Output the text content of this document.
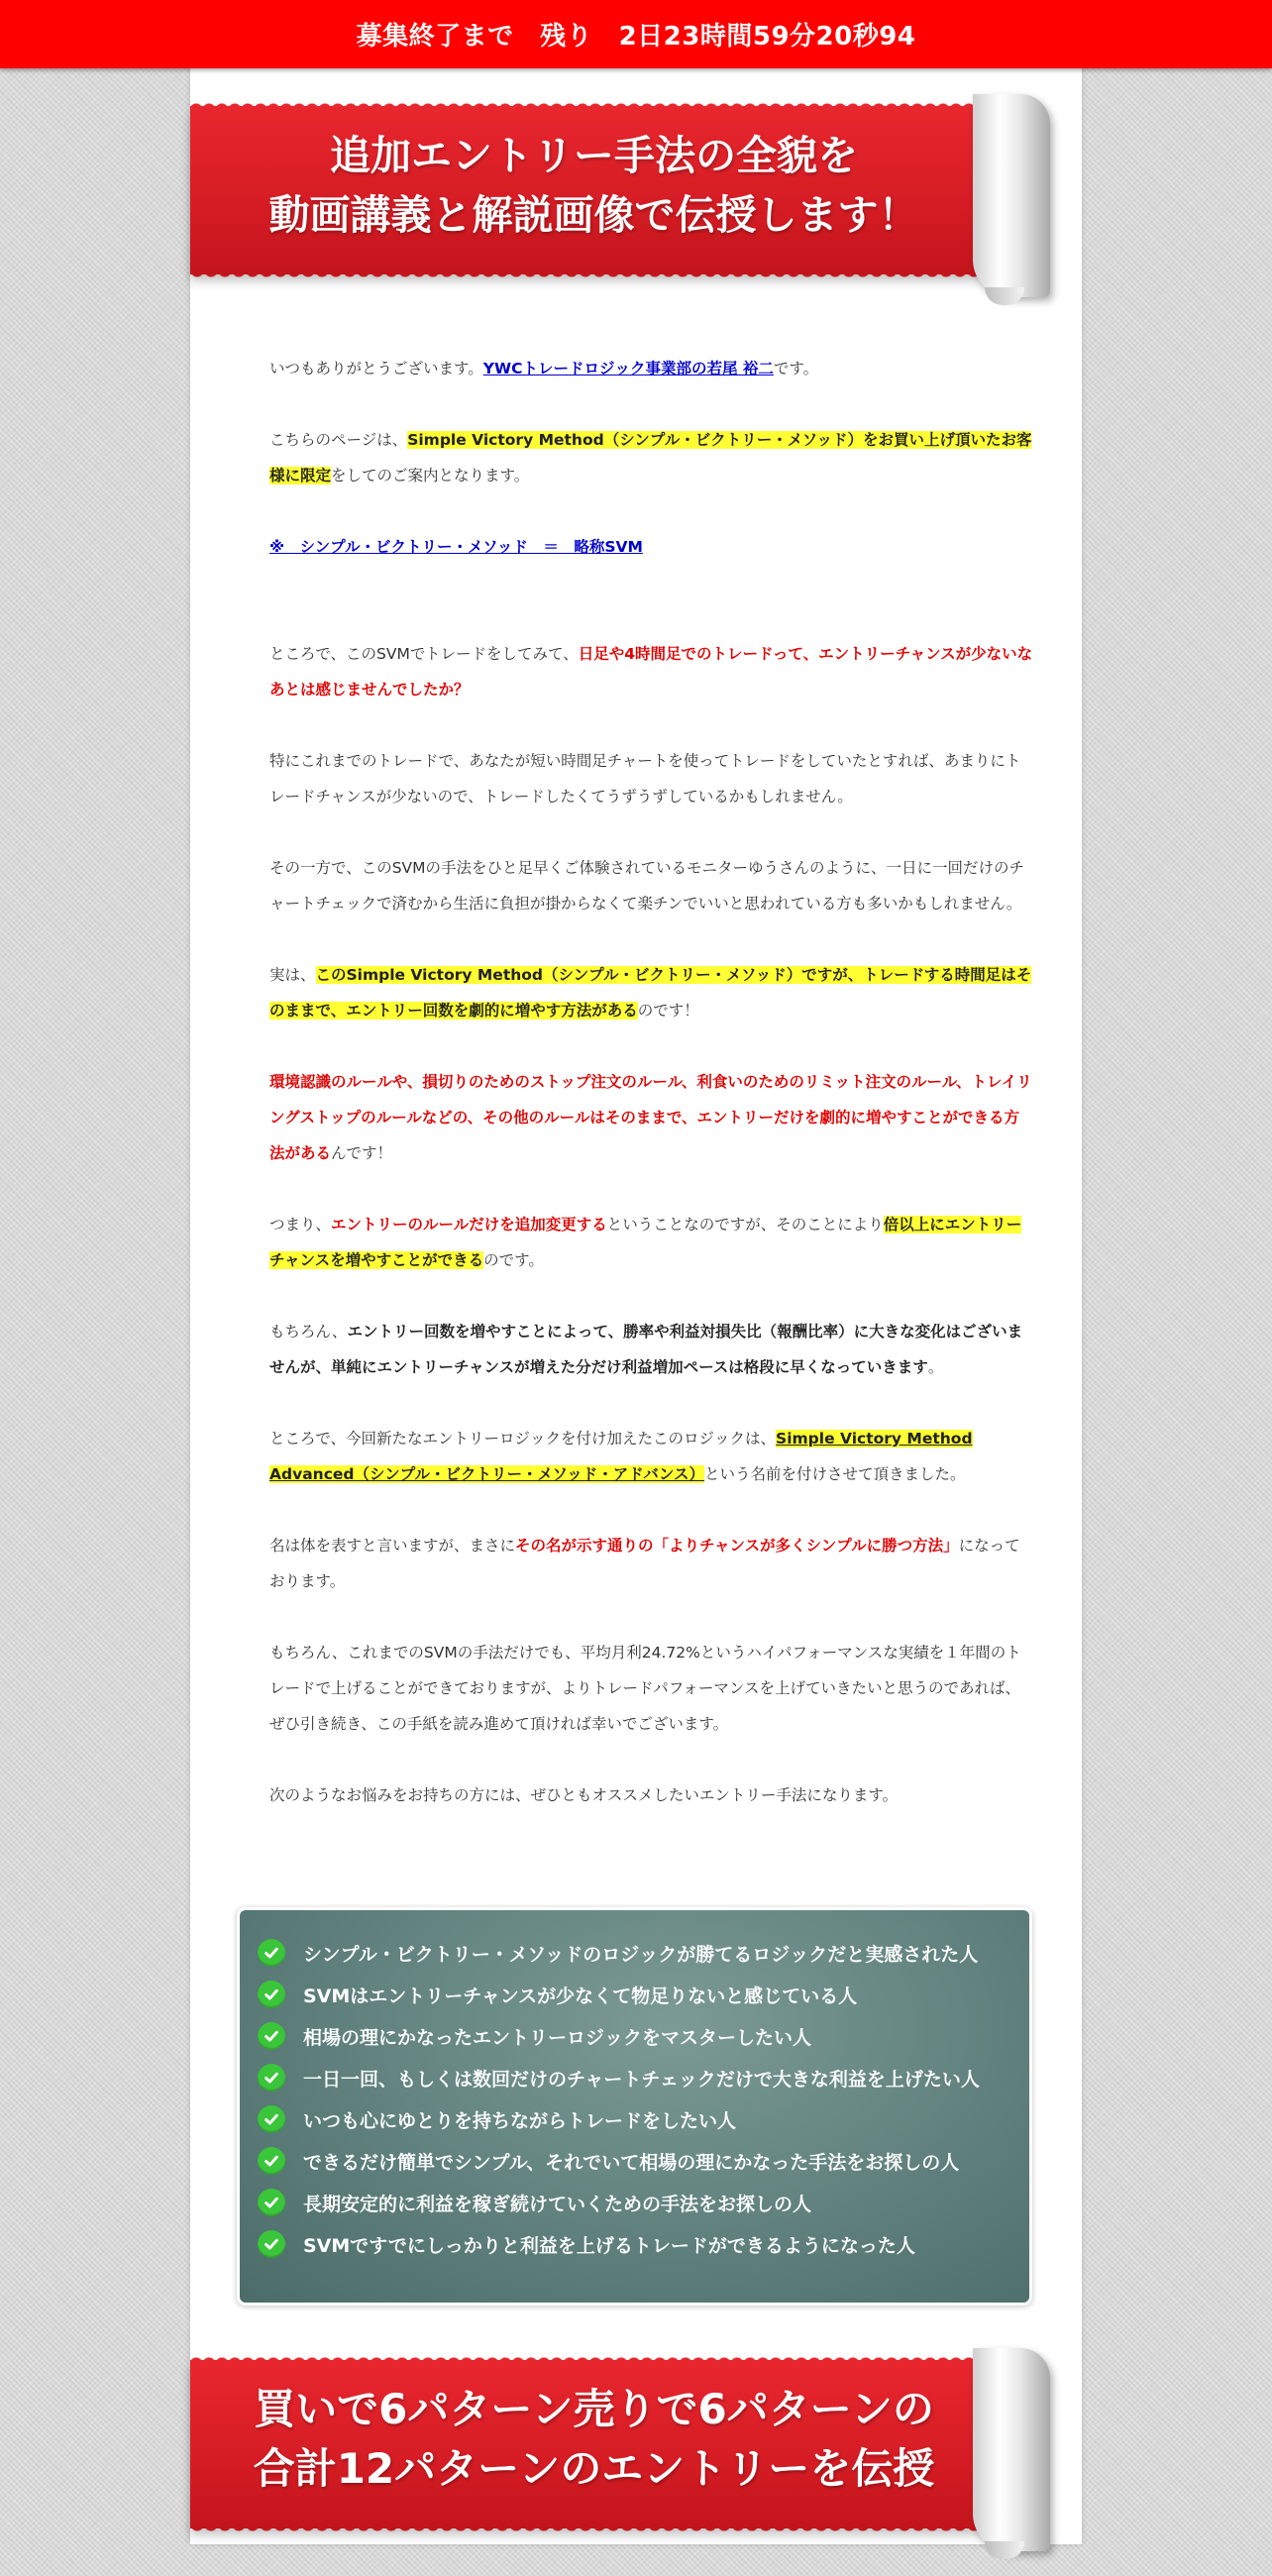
募集終了まで　残り　2日23時間59分20秒94
追加エントリー手法の全貌を
動画講義と解説画像で伝授します！

いつもありがとうございます。YWCトレードロジック事業部の若尾 裕二です。

こちらのページは、Simple Victory Method（シンプル・ビクトリー・メソッド）をお買い上げ頂いたお客様に限定をしてのご案内となります。

※　シンプル・ビクトリー・メソッド　＝　略称SVM

ところで、このSVMでトレードをしてみて、日足や4時間足でのトレードって、エントリーチャンスが少ないなあとは感じませんでしたか？

特にこれまでのトレードで、あなたが短い時間足チャートを使ってトレードをしていたとすれば、あまりにトレードチャンスが少ないので、トレードしたくてうずうずしているかもしれません。

その一方で、このSVMの手法をひと足早くご体験されているモニターゆうさんのように、一日に一回だけのチャートチェックで済むから生活に負担が掛からなくて楽チンでいいと思われている方も多いかもしれません。

実は、このSimple Victory Method（シンプル・ビクトリー・メソッド）ですが、トレードする時間足はそのままで、エントリー回数を劇的に増やす方法があるのです！

環境認識のルールや、損切りのためのストップ注文のルール、利食いのためのリミット注文のルール、トレイリングストップのルールなどの、その他のルールはそのままで、エントリーだけを劇的に増やすことができる方法があるんです！

つまり、エントリーのルールだけを追加変更するということなのですが、そのことにより倍以上にエントリーチャンスを増やすことができるのです。

もちろん、エントリー回数を増やすことによって、勝率や利益対損失比（報酬比率）に大きな変化はございませんが、単純にエントリーチャンスが増えた分だけ利益増加ペースは格段に早くなっていきます。

ところで、今回新たなエントリーロジックを付け加えたこのロジックは、Simple Victory Method Advanced（シンプル・ビクトリー・メソッド・アドバンス）という名前を付けさせて頂きました。

名は体を表すと言いますが、まさにその名が示す通りの「よりチャンスが多くシンプルに勝つ方法」になっております。

もちろん、これまでのSVMの手法だけでも、平均月利24.72%というハイパフォーマンスな実績を１年間のトレードで上げることができておりますが、よりトレードパフォーマンスを上げていきたいと思うのであれば、ぜひ引き続き、この手紙を読み進めて頂ければ幸いでございます。

次のようなお悩みをお持ちの方には、ぜひともオススメしたいエントリー手法になります。

シンプル・ビクトリー・メソッドのロジックが勝てるロジックだと実感された人
SVMはエントリーチャンスが少なくて物足りないと感じている人
相場の理にかなったエントリーロジックをマスターしたい人
一日一回、もしくは数回だけのチャートチェックだけで大きな利益を上げたい人
いつも心にゆとりを持ちながらトレードをしたい人
できるだけ簡単でシンプル、それでいて相場の理にかなった手法をお探しの人
長期安定的に利益を稼ぎ続けていくための手法をお探しの人
SVMですでにしっかりと利益を上げるトレードができるようになった人
買いで6パターン売りで6パターンの
合計12パターンのエントリーを伝授
